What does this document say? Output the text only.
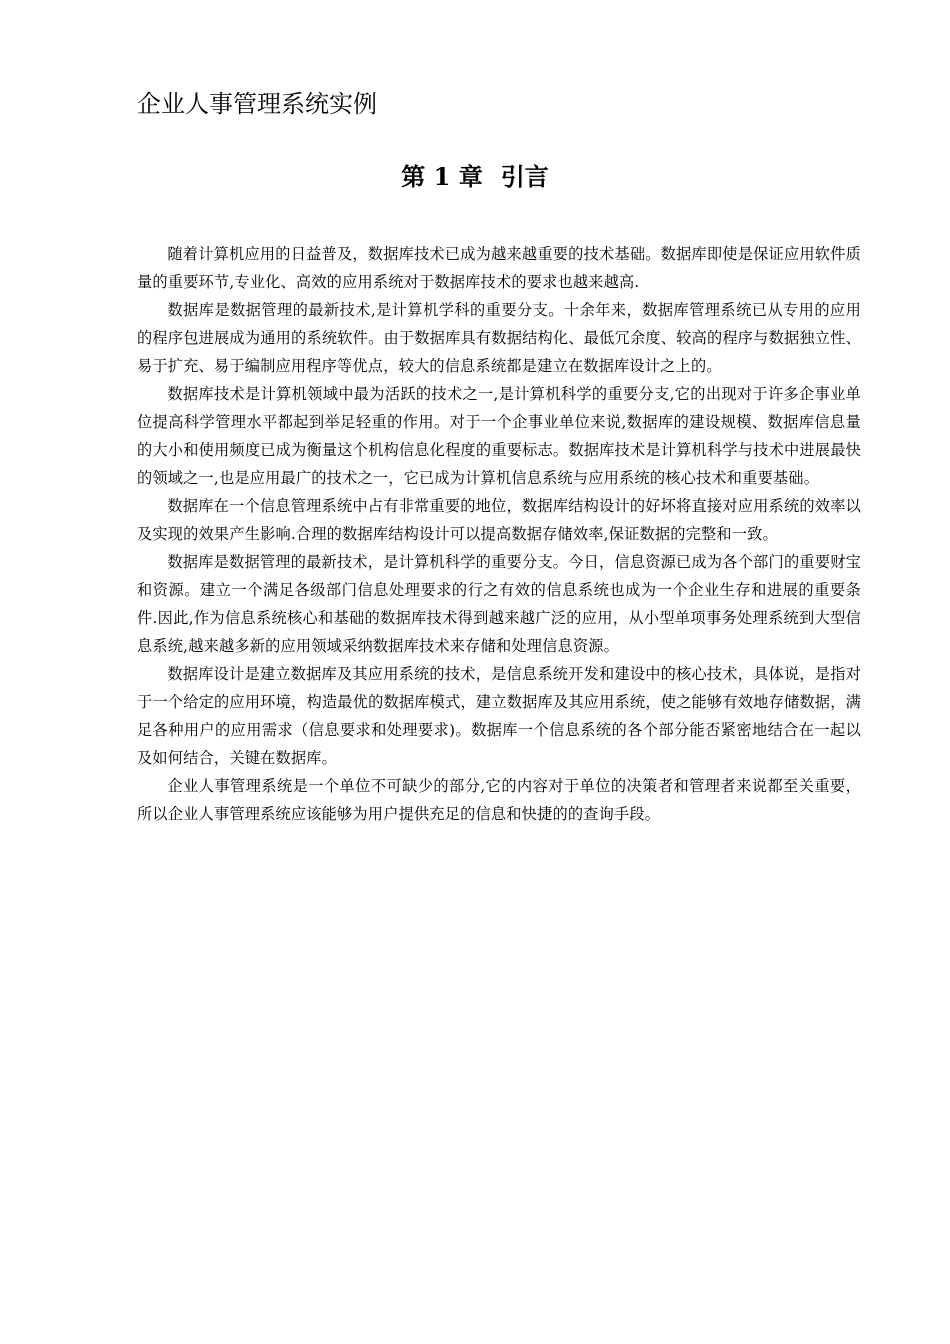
企业人事管理系统实例
第 1 章 引言

随着计算机应用的日益普及，数据库技术已成为越来越重要的技术基础。数据库即使是保证应用软件质量的重要环节,专业化、高效的应用系统对于数据库技术的要求也越来越高.

数据库是数据管理的最新技术,是计算机学科的重要分支。十余年来，数据库管理系统已从专用的应用的程序包进展成为通用的系统软件。由于数据库具有数据结构化、最低冗余度、较高的程序与数据独立性、易于扩充、易于编制应用程序等优点，较大的信息系统都是建立在数据库设计之上的。

数据库技术是计算机领域中最为活跃的技术之一,是计算机科学的重要分支,它的出现对于许多企事业单位提高科学管理水平都起到举足轻重的作用。对于一个企事业单位来说,数据库的建设规模、数据库信息量的大小和使用频度已成为衡量这个机构信息化程度的重要标志。数据库技术是计算机科学与技术中进展最快的领域之一,也是应用最广的技术之一，它已成为计算机信息系统与应用系统的核心技术和重要基础。

数据库在一个信息管理系统中占有非常重要的地位，数据库结构设计的好坏将直接对应用系统的效率以及实现的效果产生影响.合理的数据库结构设计可以提高数据存储效率,保证数据的完整和一致。

数据库是数据管理的最新技术，是计算机科学的重要分支。今日，信息资源已成为各个部门的重要财宝和资源。建立一个满足各级部门信息处理要求的行之有效的信息系统也成为一个企业生存和进展的重要条件.因此,作为信息系统核心和基础的数据库技术得到越来越广泛的应用，从小型单项事务处理系统到大型信息系统,越来越多新的应用领域采纳数据库技术来存储和处理信息资源。

数据库设计是建立数据库及其应用系统的技术，是信息系统开发和建设中的核心技术，具体说，是指对于一个给定的应用环境，构造最优的数据库模式，建立数据库及其应用系统，使之能够有效地存储数据，满足各种用户的应用需求（信息要求和处理要求)。数据库一个信息系统的各个部分能否紧密地结合在一起以及如何结合，关键在数据库。

企业人事管理系统是一个单位不可缺少的部分,它的内容对于单位的决策者和管理者来说都至关重要，所以企业人事管理系统应该能够为用户提供充足的信息和快捷的的查询手段。
